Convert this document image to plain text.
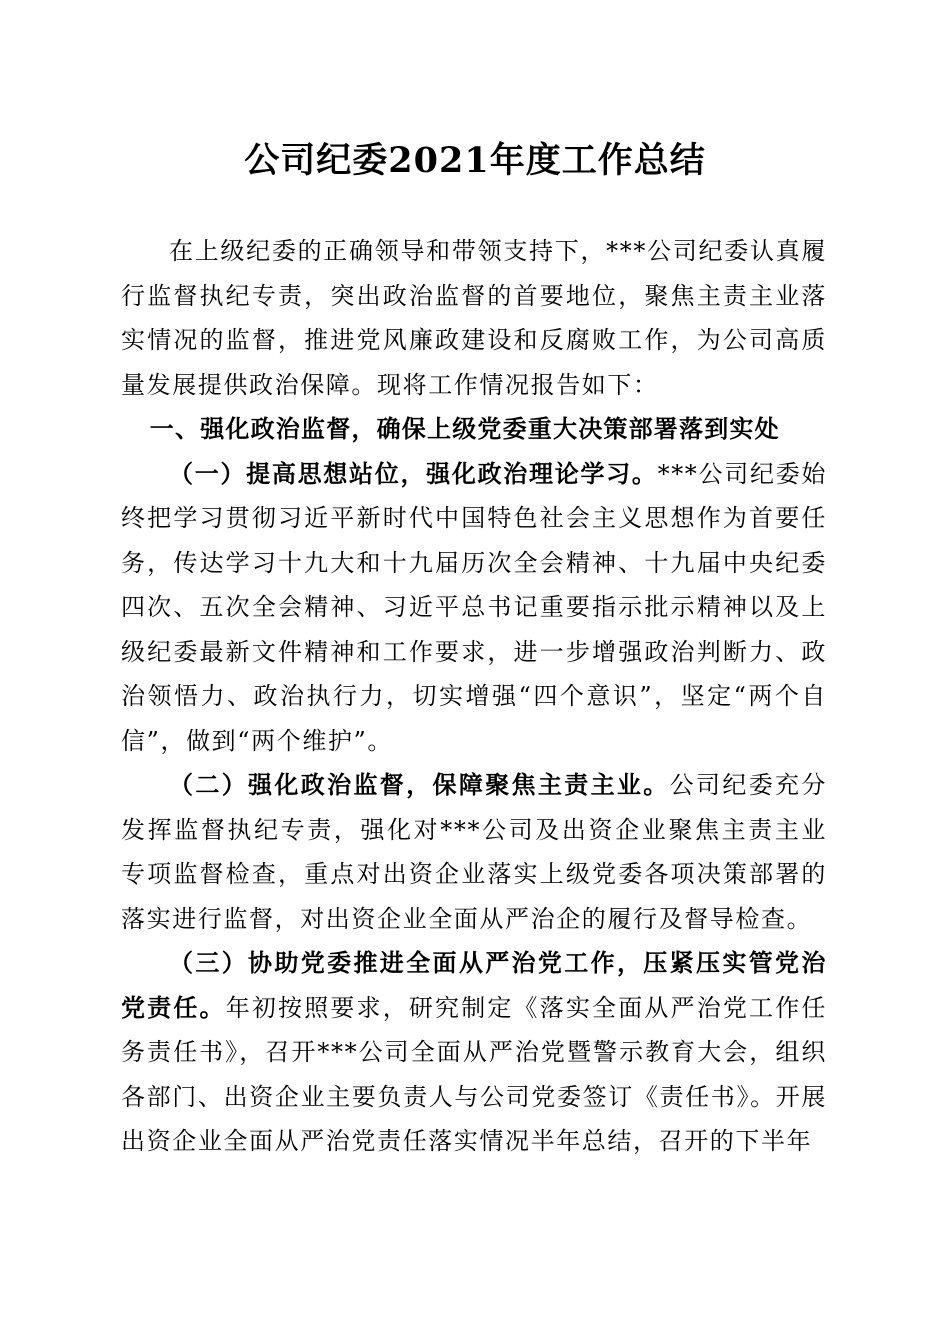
公司纪委2021年度工作总结

在上级纪委的正确领导和带领支持下，***公司纪委认真履行监督执纪专责，突出政治监督的首要地位，聚焦主责主业落实情况的监督，推进党风廉政建设和反腐败工作，为公司高质量发展提供政治保障。现将工作情况报告如下：

一、强化政治监督，确保上级党委重大决策部署落到实处

（一）提高思想站位，强化政治理论学习。***公司纪委始终把学习贯彻习近平新时代中国特色社会主义思想作为首要任务，传达学习十九大和十九届历次全会精神、十九届中央纪委四次、五次全会精神、习近平总书记重要指示批示精神以及上级纪委最新文件精神和工作要求，进一步增强政治判断力、政治领悟力、政治执行力，切实增强“四个意识”，坚定“两个自信”，做到“两个维护”。

（二）强化政治监督，保障聚焦主责主业。公司纪委充分发挥监督执纪专责，强化对***公司及出资企业聚焦主责主业专项监督检查，重点对出资企业落实上级党委各项决策部署的落实进行监督，对出资企业全面从严治企的履行及督导检查。

（三）协助党委推进全面从严治党工作，压紧压实管党治党责任。年初按照要求，研究制定《落实全面从严治党工作任务责任书》，召开***公司全面从严治党暨警示教育大会，组织各部门、出资企业主要负责人与公司党委签订《责任书》。开展出资企业全面从严治党责任落实情况半年总结，召开的下半年
